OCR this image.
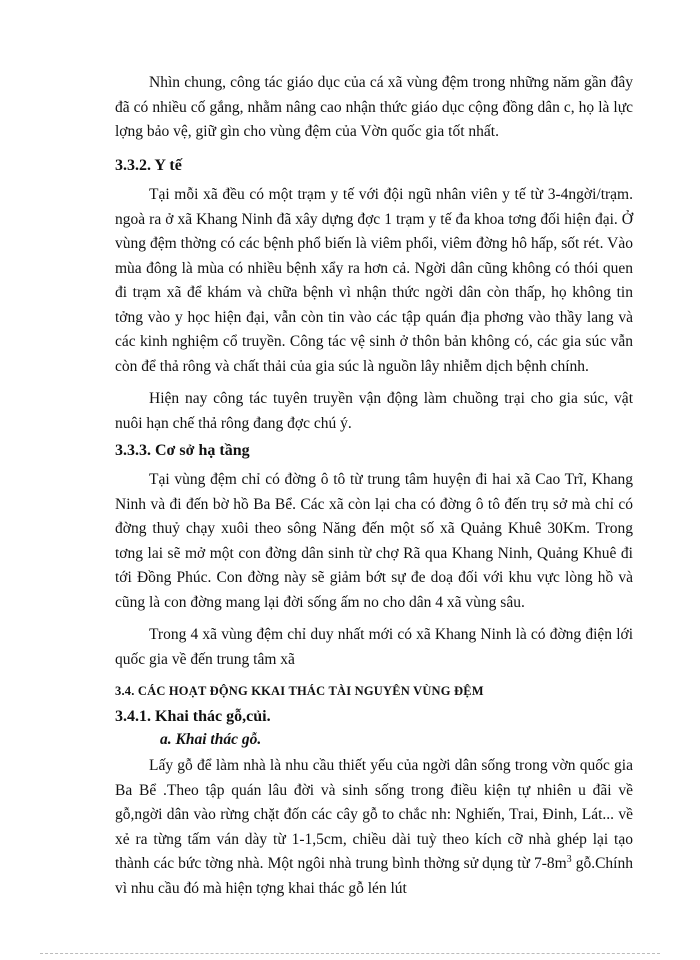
Nhìn chung, công tác giáo dục của cá xã vùng đệm trong những năm gần đây đã có nhiều cố gắng, nhằm nâng cao nhận thức giáo dục cộng đồng dân c, họ là lực lợng bảo vệ, giữ gìn cho vùng đệm của Vờn quốc gia tốt nhất.

3.3.2. Y tế

Tại mỗi xã đều có một trạm y tế với đội ngũ nhân viên y tế từ 3-4ngời/trạm. ngoà ra ở xã Khang Ninh đã xây dựng đợc 1 trạm y tế đa khoa tơng đối hiện đại. Ở vùng đệm thờng có các bệnh phổ biến là viêm phổi, viêm đờng hô hấp, sốt rét. Vào mùa đông là mùa có nhiều bệnh xẩy ra hơn cả. Ngời dân cũng không có thói quen đi trạm xã để khám và chữa bệnh vì nhận thức ngời dân còn thấp, họ không tin tởng vào y học hiện đại, vẫn còn tin vào các tập quán địa phơng vào thầy lang và các kinh nghiệm cổ truyền. Công tác vệ sinh ở thôn bản không có, các gia súc vẫn còn để thả rông và chất thải của gia súc là nguồn lây nhiễm dịch bệnh chính.

Hiện nay công tác tuyên truyền vận động làm chuồng trại cho gia súc, vật nuôi hạn chế thả rông đang đợc chú ý.

3.3.3. Cơ sở hạ tầng

Tại vùng đệm chỉ có đờng ô tô từ trung tâm huyện đi hai xã Cao Trĩ, Khang Ninh và đi đến bờ hồ Ba Bể. Các xã còn lại cha có đờng ô tô đến trụ sở mà chỉ có đờng thuỷ chạy xuôi theo sông Năng đến một số xã Quảng Khuê 30Km. Trong tơng lai sẽ mở một con đờng dân sinh từ chợ Rã qua Khang Ninh, Quảng Khuê đi tới Đồng Phúc. Con đờng này sẽ giảm bớt sự đe doạ đối với khu vực lòng hồ và cũng là con đờng mang lại đời sống ấm no cho dân 4 xã vùng sâu.

Trong 4 xã vùng đệm chỉ duy nhất mới có xã Khang Ninh là có đờng điện lới quốc gia về đến trung tâm xã

3.4. CÁC HOẠT ĐỘNG KKAI THÁC TÀI NGUYÊN VÙNG ĐỆM
3.4.1. Khai thác gỗ,củi.
a. Khai thác gỗ.

Lấy gỗ để làm nhà là nhu cầu thiết yếu của ngời dân sống trong vờn quốc gia Ba Bể .Theo tập quán lâu đời và sinh sống trong điều kiện tự nhiên u đãi về gỗ,ngời dân vào rừng chặt đốn các cây gỗ to chắc nh: Nghiến, Trai, Đinh, Lát... về xẻ ra từng tấm ván dày từ 1-1,5cm, chiều dài tuỳ theo kích cỡ nhà ghép lại tạo thành các bức tờng nhà. Một ngôi nhà trung bình thờng sử dụng từ $7-8m^3$ gỗ.Chính vì nhu cầu đó mà hiện tợng khai thác gỗ lén lút
